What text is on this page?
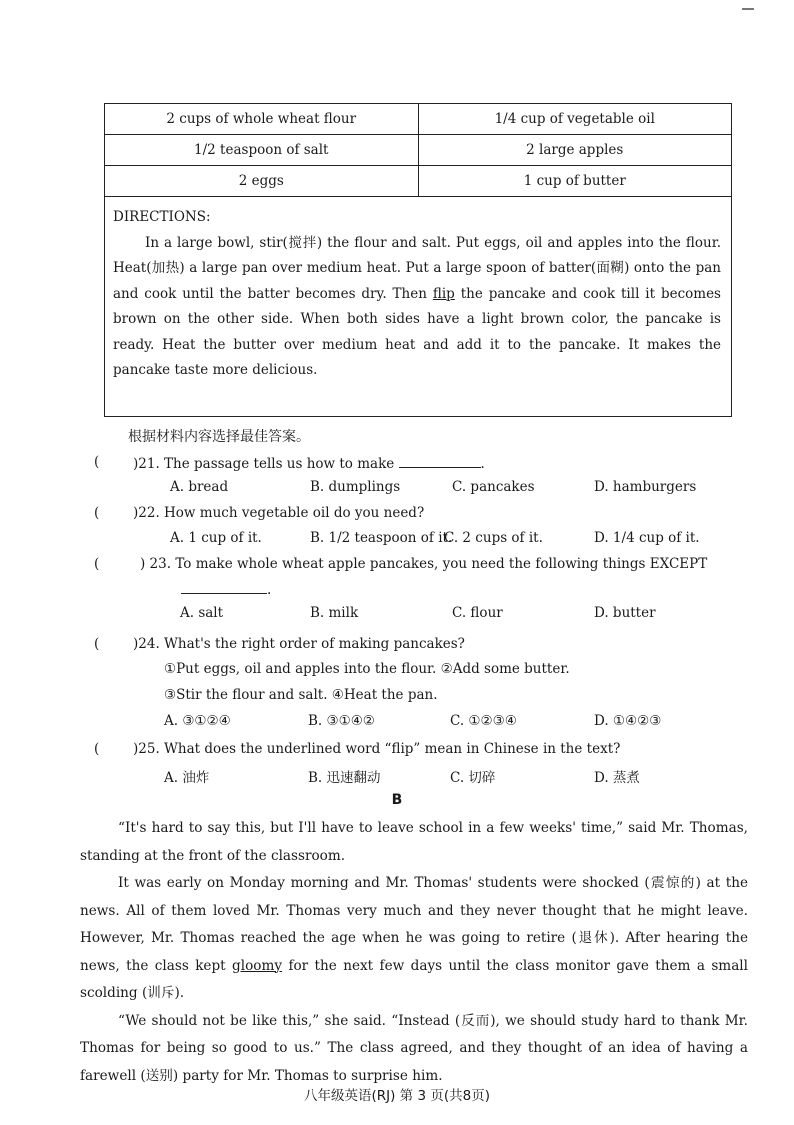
2 cups of whole wheat flour	1/4 cup of vegetable oil
1/2 teaspoon of salt	2 large apples
2 eggs	1 cup of butter
DIRECTIONS:

In a large bowl, stir(搅拌) the flour and salt. Put eggs, oil and apples into the flour. Heat(加热) a large pan over medium heat. Put a large spoon of batter(面糊) onto the pan and cook until the batter becomes dry. Then flip the pancake and cook till it becomes brown on the other side. When both sides have a light brown color, the pancake is ready. Heat the butter over medium heat and add it to the pancake. It makes the pancake taste more delicious.

根据材料内容选择最佳答案。
( )21. The passage tells us how to make	.
A. bread	B. dumplings	C. pancakes	D. hamburgers
( )22. How much vegetable oil do you need?
A. 1 cup of it.	B. 1/2 teaspoon of it.
C. 2 cups of it.	D. 1/4 cup of it.
(	) 23. To make whole wheat apple pancakes, you need the following things EXCEPT
.
A. salt	B. milk	C. flour	D. butter
( )24. What's the right order of making pancakes?
①Put eggs, oil and apples into the flour. ②Add some butter.
③Stir the flour and salt. ④Heat the pan.
A. ③①②④	B. ③①④②	C. ①②③④	D. ①④②③
( )25. What does the underlined word “flip” mean in Chinese in the text?
A. 油炸	B. 迅速翻动	C. 切碎	D. 蒸煮
B

“It's hard to say this, but I'll have to leave school in a few weeks' time,” said Mr. Thomas, standing at the front of the classroom.

It was early on Monday morning and Mr. Thomas' students were shocked (震惊的) at the news. All of them loved Mr. Thomas very much and they never thought that he might leave. However, Mr. Thomas reached the age when he was going to retire (退休). After hearing the news, the class kept gloomy for the next few days until the class monitor gave them a small scolding (训斥).

“We should not be like this,” she said. “Instead (反而), we should study hard to thank Mr. Thomas for being so good to us.” The class agreed, and they thought of an idea of having a farewell (送别) party for Mr. Thomas to surprise him.

八年级英语(RJ) 第 3 页(共8页)
